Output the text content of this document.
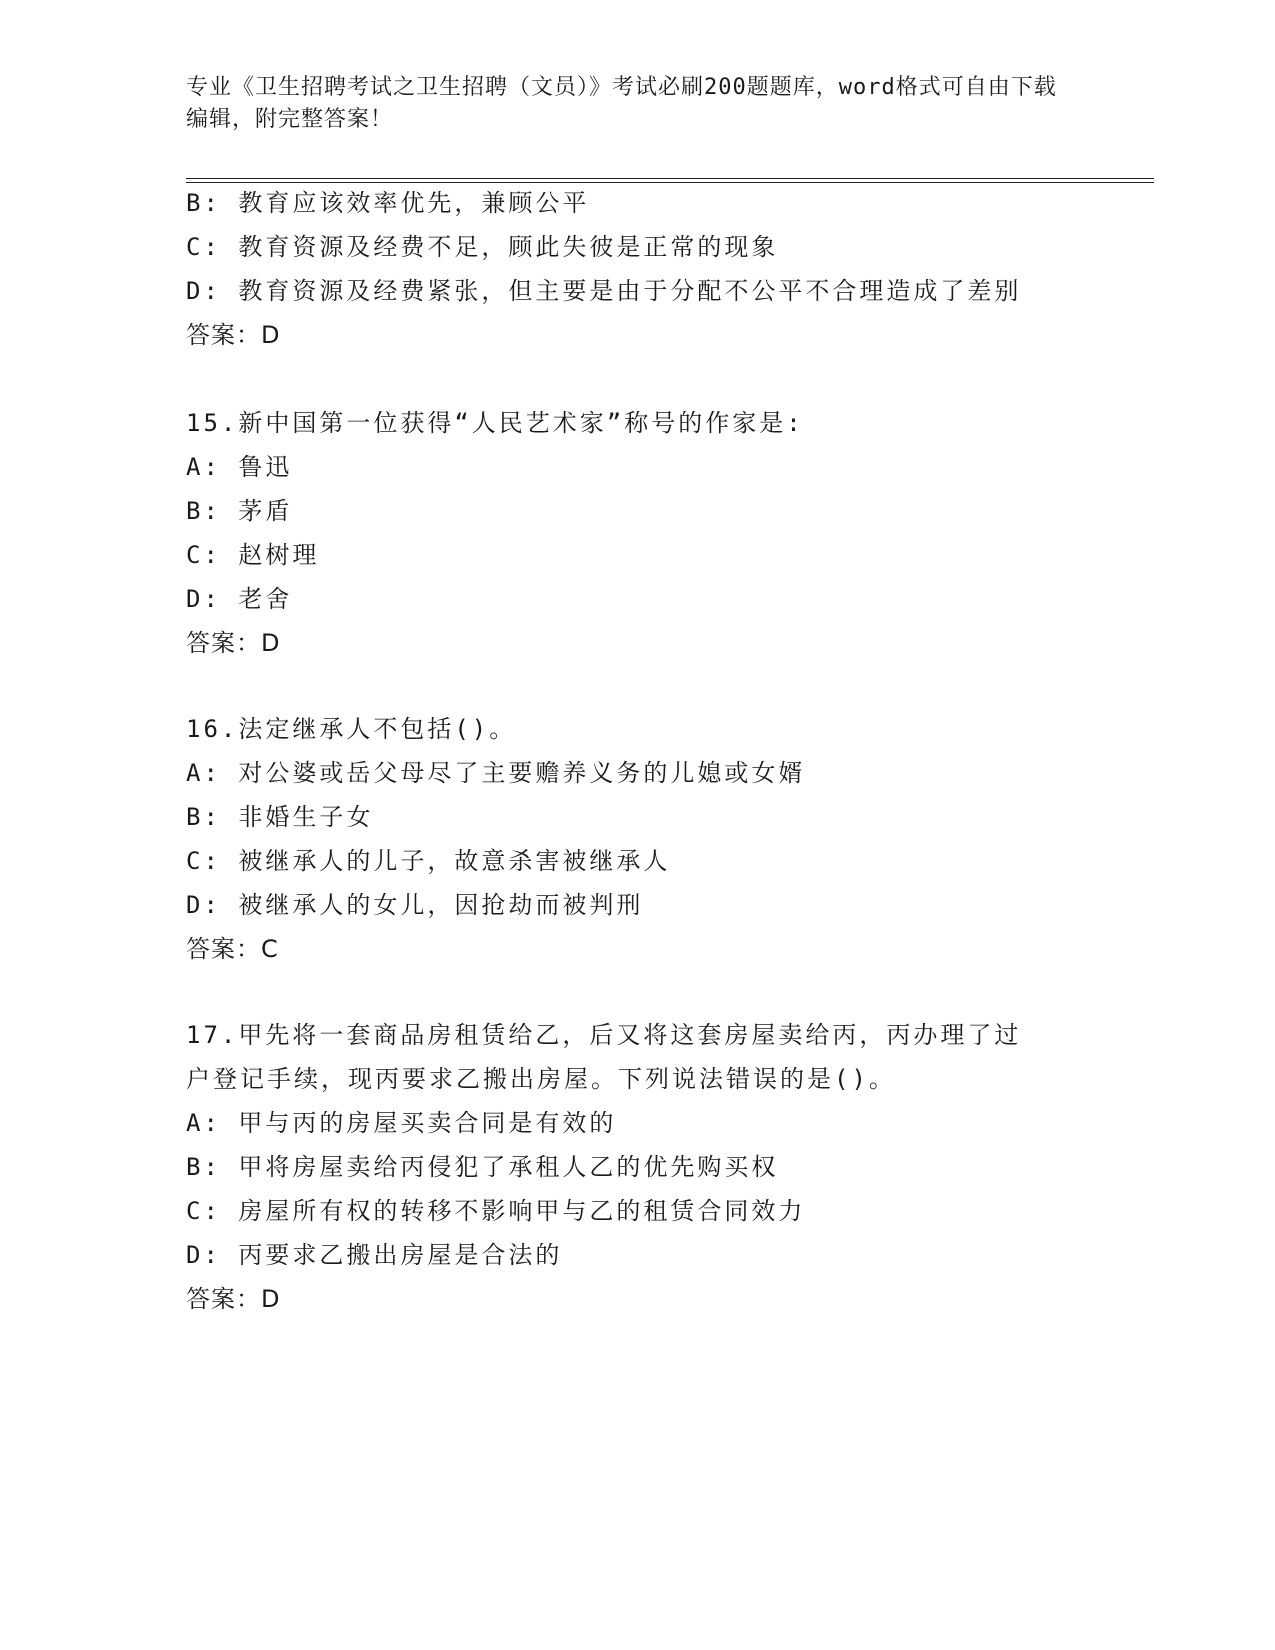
专业《卫生招聘考试之卫生招聘（文员）》考试必刷200题题库，word格式可自由下载编辑，附完整答案！
B: 教育应该效率优先，兼顾公平
C: 教育资源及经费不足，顾此失彼是正常的现象
D: 教育资源及经费紧张，但主要是由于分配不公平不合理造成了差别
答案：D
15.新中国第一位获得“人民艺术家”称号的作家是:
A: 鲁迅
B: 茅盾
C: 赵树理
D: 老舍
答案：D
16.法定继承人不包括()。
A: 对公婆或岳父母尽了主要赡养义务的儿媳或女婿
B: 非婚生子女
C: 被继承人的儿子，故意杀害被继承人
D: 被继承人的女儿，因抢劫而被判刑
答案：C
17.甲先将一套商品房租赁给乙，后又将这套房屋卖给丙，丙办理了过
户登记手续，现丙要求乙搬出房屋。下列说法错误的是()。
A: 甲与丙的房屋买卖合同是有效的
B: 甲将房屋卖给丙侵犯了承租人乙的优先购买权
C: 房屋所有权的转移不影响甲与乙的租赁合同效力
D: 丙要求乙搬出房屋是合法的
答案：D
